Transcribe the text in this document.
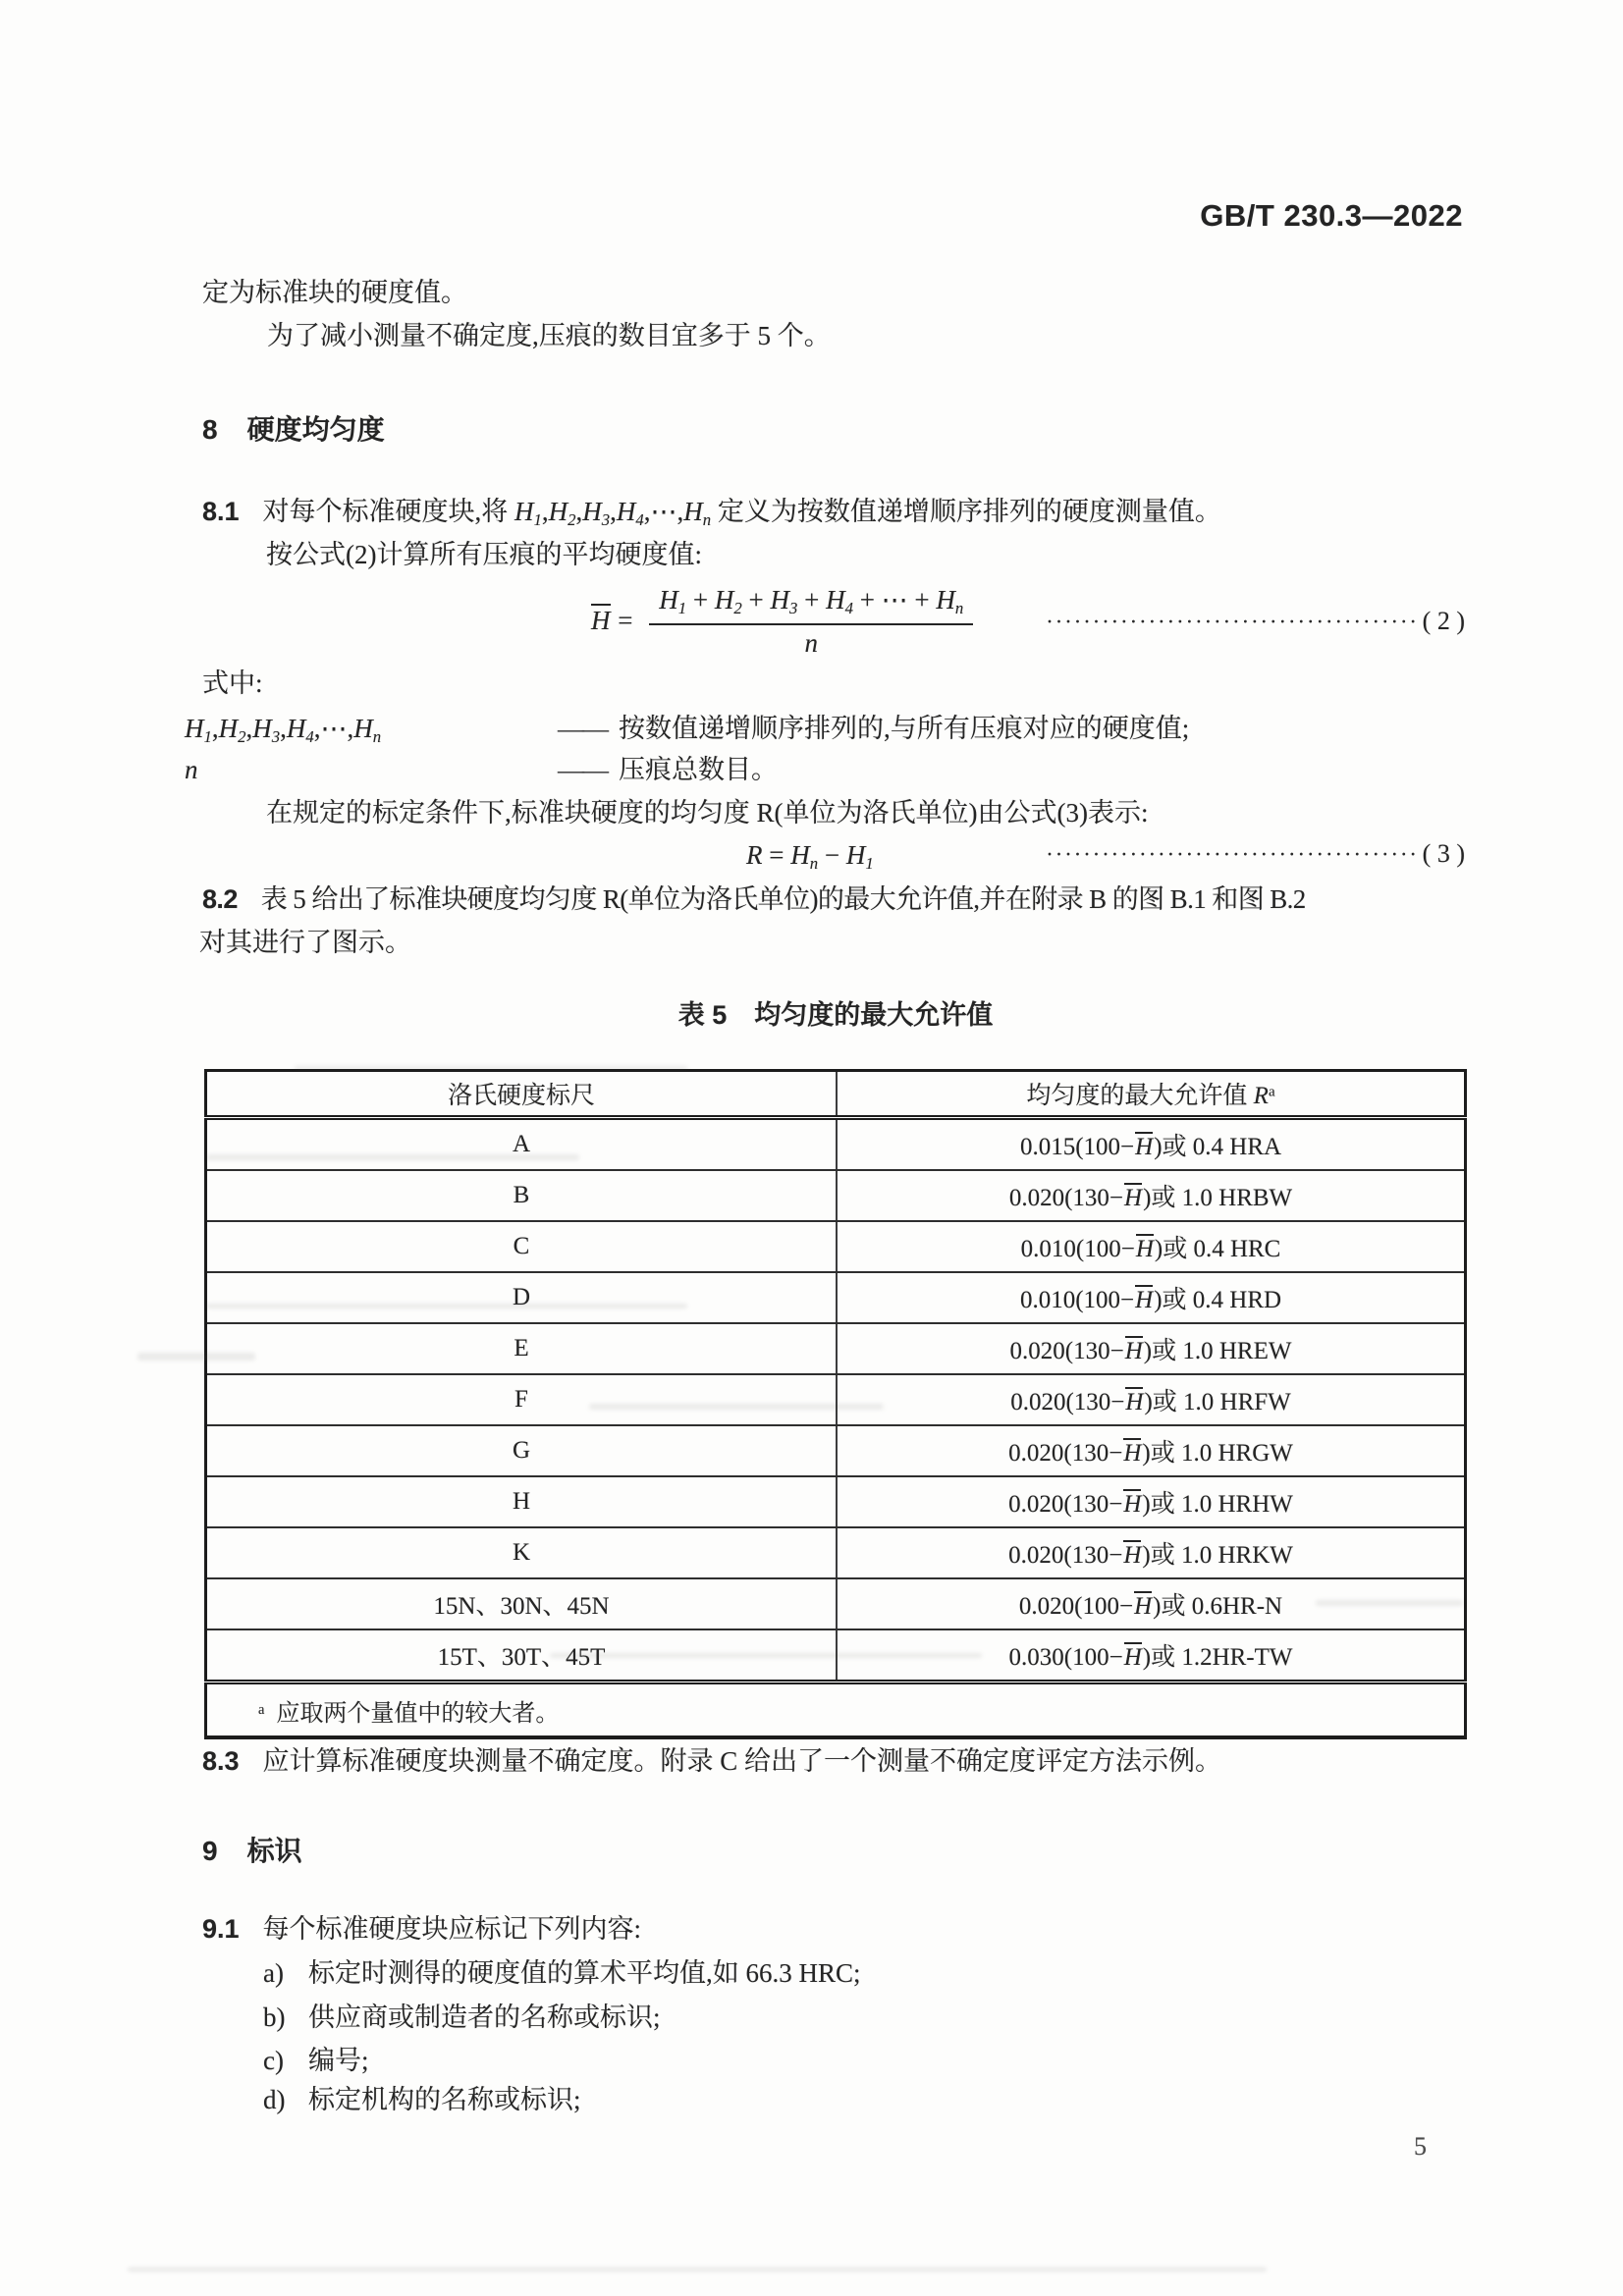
GB/T 230.3—2022
定为标准块的硬度值。
为了减小测量不确定度,压痕的数目宜多于 5 个。
8 硬度均匀度
8.1 对每个标准硬度块,将 $H_1,H_2,H_3,H_4,\cdots,H_n$ 定义为按数值递增顺序排列的硬度测量值。
按公式(2)计算所有压痕的平均硬度值:
$H = \frac{H_1 + H_2 + H_3 + H_4 + \cdots + H_n}{n}$	········································ ( 2 )
式中:
$H_1,H_2,H_3,H_4,\cdots,H_n$	—— 按数值递增顺序排列的,与所有压痕对应的硬度值;
n	—— 压痕总数目。
在规定的标定条件下,标准块硬度的均匀度 R(单位为洛氏单位)由公式(3)表示:
$R = H_n - H_1$	········································ ( 3 )
8.2 表 5 给出了标准块硬度均匀度 R(单位为洛氏单位)的最大允许值,并在附录 B 的图 B.1 和图 B.2
对其进行了图示。
表 5 均匀度的最大允许值
洛氏硬度标尺	均匀度的最大允许值 $R^a$
A	0.015(100−H)或 0.4 HRA
B	0.020(130−H)或 1.0 HRBW
C	0.010(100−H)或 0.4 HRC
D	0.010(100−H)或 0.4 HRD
E	0.020(130−H)或 1.0 HREW
F	0.020(130−H)或 1.0 HRFW
G	0.020(130−H)或 1.0 HRGW
H	0.020(130−H)或 1.0 HRHW
K	0.020(130−H)或 1.0 HRKW
15N、30N、45N	0.020(100−H)或 0.6HR-N
15T、30T、45T	0.030(100−H)或 1.2HR-TW
$^a$ 应取两个量值中的较大者。	
8.3 应计算标准硬度块测量不确定度。附录 C 给出了一个测量不确定度评定方法示例。
9 标识
9.1 每个标准硬度块应标记下列内容:
a) 标定时测得的硬度值的算术平均值,如 66.3 HRC;
b) 供应商或制造者的名称或标识;
c) 编号;
d) 标定机构的名称或标识;
5
